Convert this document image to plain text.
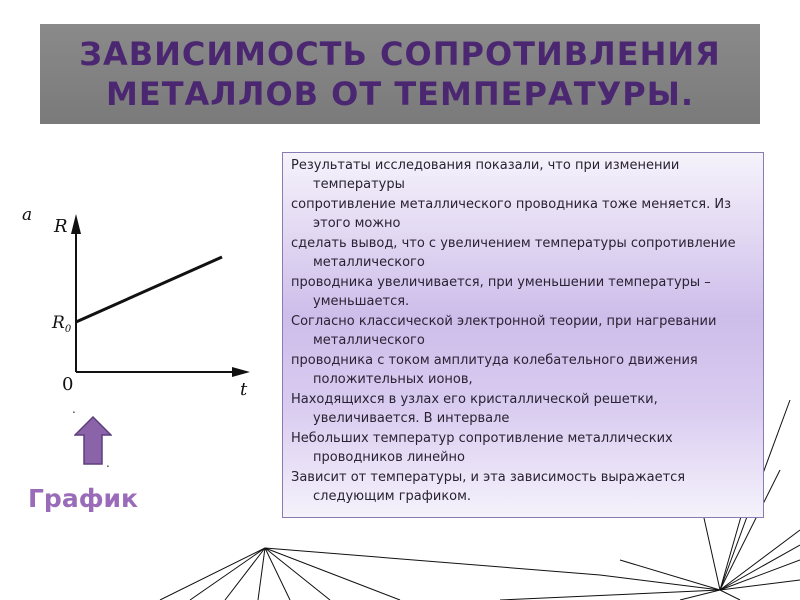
ЗАВИСИМОСТЬ СОПРОТИВЛЕНИЯ МЕТАЛЛОВ ОТ ТЕМПЕРАТУРЫ.
а
R
0	t
$R_0$
.
.
График

Результаты исследования показали, что при изменении температуры

сопротивление металлического проводника тоже меняется. Из этого можно

сделать вывод, что с увеличением температуры сопротивление металлического

проводника увеличивается, при уменьшении температуры – уменьшается.

Согласно классической электронной теории, при нагревании металлического

проводника с током амплитуда колебательного движения положительных ионов,

Находящихся в узлах его кристаллической решетки, увеличивается. В интервале

Небольших температур сопротивление металлических проводников линейно

Зависит от температуры, и эта зависимость выражается следующим графиком.
